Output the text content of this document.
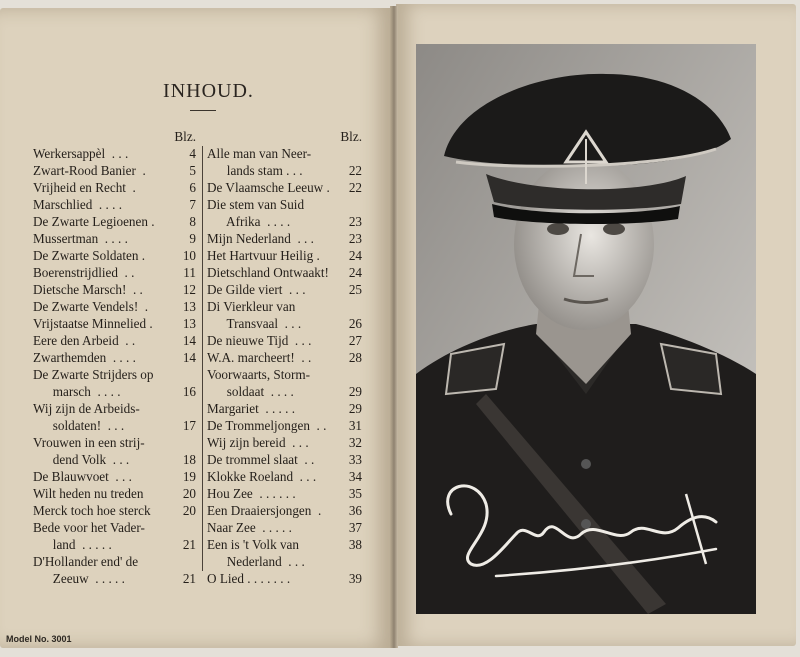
INHOUD.
Blz.
Werkersappèl  . . .	4
Zwart-Rood Banier  .	5
Vrijheid en Recht  .	6
Marschlied  . . . .	7
De Zwarte Legioenen .	8
Mussertman  . . . .	9
De Zwarte Soldaten .	10
Boerenstrijdlied  . .	11
Dietsche Marsch!  . .	12
De Zwarte Vendels!  .	13
Vrijstaatse Minnelied . 13
Eere den Arbeid  . .	14
Zwarthemden  . . . .	14
De Zwarte Strijders op
marsch  . . . .	16
Wij zijn de Arbeids-
soldaten!  . . .	17
Vrouwen in een strij-
dend Volk  . . .	18
De Blauwvoet  . . .	19
Wilt heden nu treden	20
Merck toch hoe sterck 20
Bede voor het Vader-
land  . . . . .	21
D'Hollander end' de
Zeeuw  . . . . .	21
Blz.
Alle man van Neer-
lands stam . . .	22
De Vlaamsche Leeuw . 22
Die stem van Suid
Afrika  . . . .	23
Mijn Nederland  . . .	23
Het Hartvuur Heilig . 24
Dietschland Ontwaakt! 24
De Gilde viert  . . .	25
Di Vierkleur van
Transvaal  . . .	26
De nieuwe Tijd  . . .	27
W.A. marcheert!  . .	28
Voorwaarts, Storm-
soldaat  . . . .	29
Margariet  . . . . .	29
De Trommeljongen  . . 31
Wij zijn bereid  . . .	32
De trommel slaat  . .	33
Klokke Roeland  . . . 34
Hou Zee  . . . . . .	35
Een Draaiersjongen  . 36
Naar Zee  . . . . .	37
Een is 't Volk van	38
Nederland  . . .
O Lied . . . . . . .	39
Model No. 3001
